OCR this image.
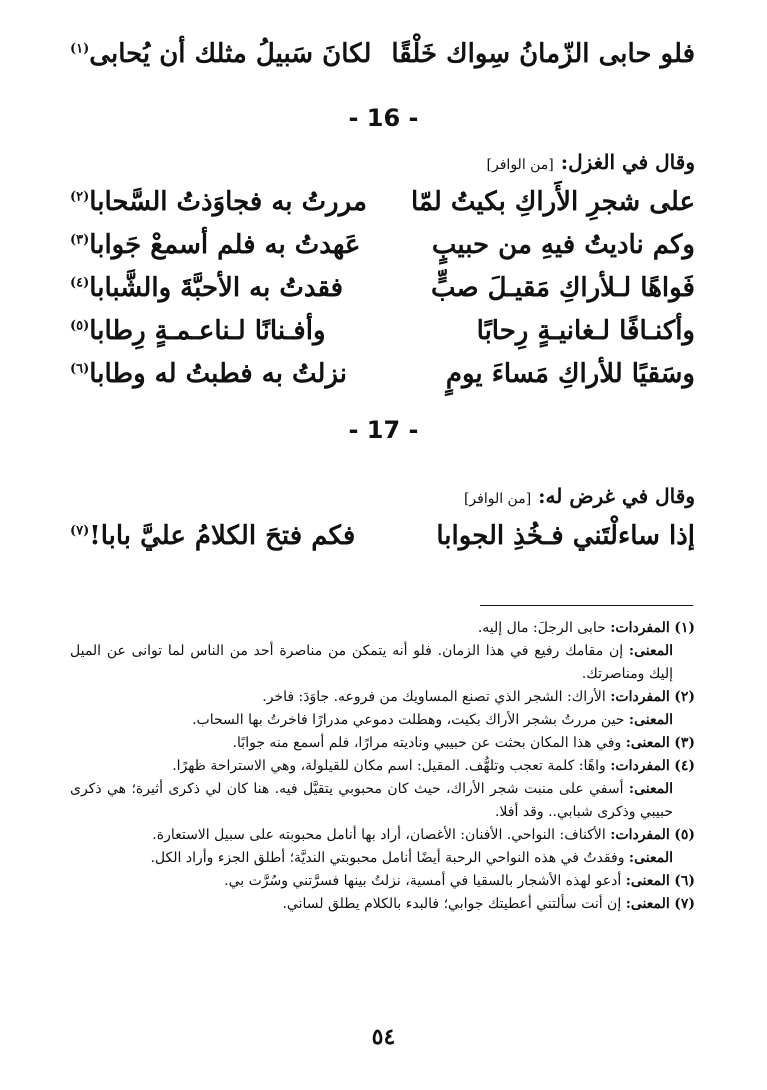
فلو حابى الزّمانُ سِواك خَلْقًا
لكانَ سَبيلُ مثلك أن يُحابى$^{(١)}$
- 16 -
وقال في الغزل: [من الوافر]
على شجرِ الأَراكِ بكيتُ لمّا
مررتُ به فجاوَذتُ السَّحابا$^{(٢)}$
وكم ناديتُ فيهِ من حبيبٍ
عَهدتُ به فلم أسمعْ جَوابا$^{(٣)}$
فَواهًا لـلأراكِ مَقيـلَ صبٍّ
فقدتُ به الأحبَّةَ والشَّبابا$^{(٤)}$
وأكنـافًا لـغانيـةٍ رِحابًا
وأفـنانًا لـناعـمـةٍ رِطابا$^{(٥)}$
وسَقيًا للأراكِ مَساءَ يومٍ
نزلتُ به فطبتُ له وطابا$^{(٦)}$
- 17 -
وقال في غرض له: [من الوافر]
إذا ساءلْتَني فـخُذِ الجوابا
فكم فتحَ الكلامُ عليَّ بابا!$^{(٧)}$

(١) المفردات: حابى الرجلَ: مال إليه.

المعنى: إن مقامك رفيع في هذا الزمان. فلو أنه يتمكن من مناصرة أحد من الناس لما توانى عن الميل إليك ومناصرتك.

(٢) المفردات: الأراك: الشجر الذي تصنع المساويك من فروعه. جاوَدَ: فاخر.

المعنى: حين مررتُ بشجر الأراك بكيت، وهطلت دموعي مدرارًا فاخرتُ بها السحاب.

(٣) المعنى: وفي هذا المكان بحثت عن حبيبي وناديته مرارًا، فلم أسمع منه جوابًا.

(٤) المفردات: واهًا: كلمة تعجب وتلهُّف. المقيل: اسم مكان للقيلولة، وهي الاستراحة ظهرًا.

المعنى: أسفي على منبت شجر الأراك، حيث كان محبوبي يتقيَّل فيه. هنا كان لي ذكرى أثيرة؛ هي ذكرى حبيبي وذكرى شبابي.. وقد أفلا.

(٥) المفردات: الأكناف: النواحي. الأفنان: الأغصان، أراد بها أنامل محبوبته على سبيل الاستعارة.

المعنى: وفقدتُ في هذه النواحي الرحبة أيضًا أنامل محبوبتي النديَّة؛ أطلق الجزء وأراد الكل.

(٦) المعنى: أدعو لهذه الأشجار بالسقيا في أمسية، نزلتُ بينها فسرَّتني وسُرَّت بي.

(٧) المعنى: إن أنت سألتني أعطيتك جوابي؛ فالبدء بالكلام يطلق لساني.

٥٤
